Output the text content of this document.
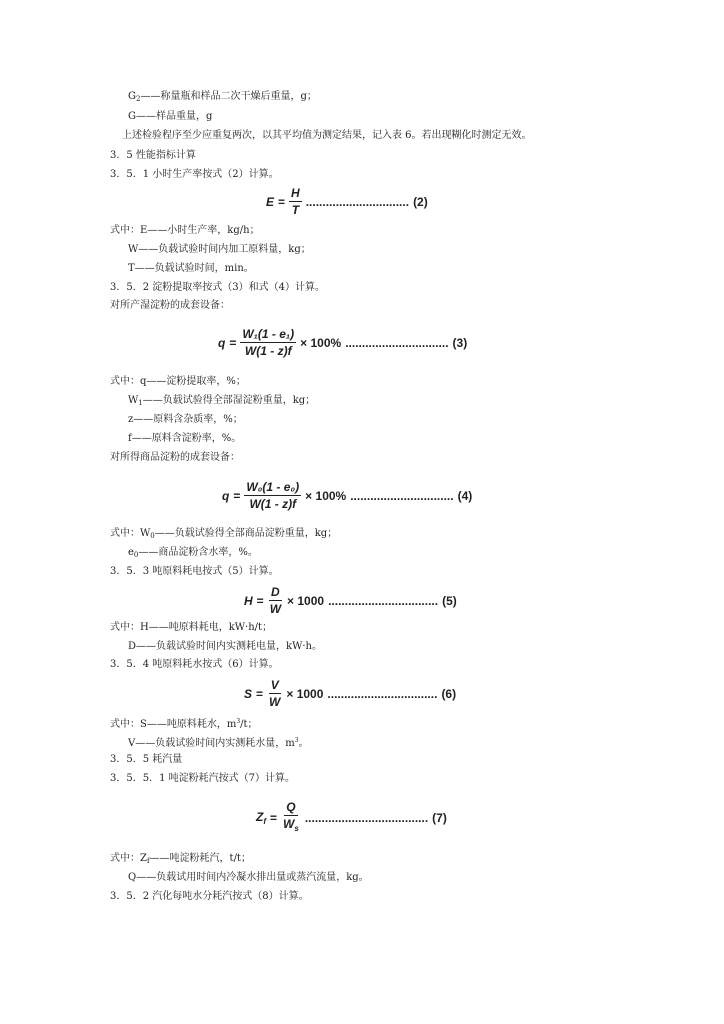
$G_2——$称量瓶和样品二次干燥后重量，g；
G——样品重量，g
上述检验程序至少应重复两次，以其平均值为测定结果，记入表 6。若出现糊化时测定无效。
3．5 性能指标计算
3．5．1 小时生产率按式（2）计算。
$E = \frac{H}{T}$ ............................... (2)
式中：E——小时生产率，kg/h；
W——负载试验时间内加工原料量，kg；
T——负载试验时间，min。
3．5．2 淀粉提取率按式（3）和式（4）计算。
对所产湿淀粉的成套设备：
$q = \frac{\text{W₁(1 - e₁)}}{W(1 - z)f} \times 100\%$ ............................... (3)
式中：q——淀粉提取率，%；
$W_1——$负载试验得全部湿淀粉重量，kg；
z——原料含杂质率，%；
f——原料含淀粉率，%。
对所得商品淀粉的成套设备：
$q = \frac{\text{W₀(1 - e₀)}}{W(1 - z)f} \times 100\%$ ............................... (4)
式中：$W_0——$负载试验得全部商品淀粉重量，kg；
$e_0——$商品淀粉含水率，%。
3．5．3 吨原料耗电按式（5）计算。
$H = \frac{D}{W} \times 1000$ ................................. (5)
式中：H——吨原料耗电，kW·h/t；
D——负载试验时间内实测耗电量，kW·h。
3．5．4 吨原料耗水按式（6）计算。
$S = \frac{V}{W} \times 1000$ ................................. (6)
式中：S——吨原料耗水，$m^3/t$；
V——负载试验时间内实测耗水量，$m^3$。
3．5．5 耗汽量
3．5．5．1 吨淀粉耗汽按式（7）计算。
$Z_f = \frac{Q}{W_s}$ ..................................... (7)
式中：$Z_f——$吨淀粉耗汽，t/t；
Q——负载试用时间内冷凝水排出量或蒸汽流量，kg。
3．5．2 汽化每吨水分耗汽按式（8）计算。
